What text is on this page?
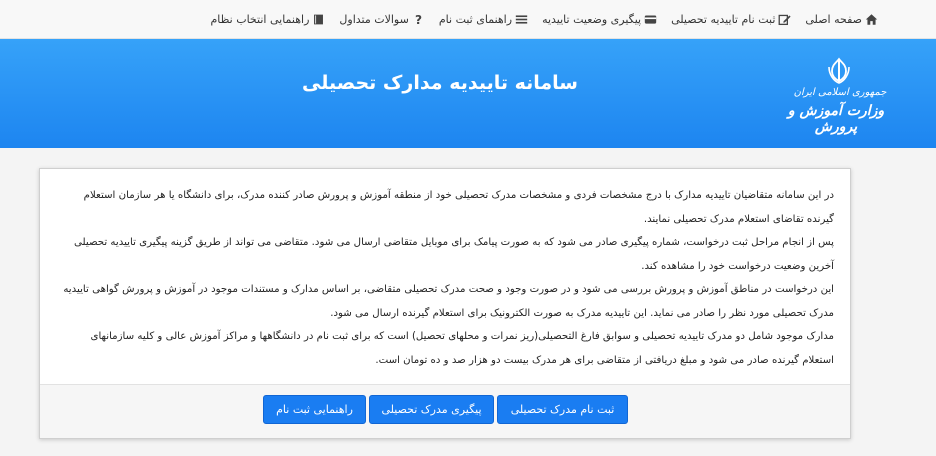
صفحه اصلی
ثبت نام تاییدیه تحصیلی
پیگیری وضعیت تاییدیه
راهنمای ثبت نام
?
سوالات متداول
راهنمایی انتخاب نظام
سامانه تاییدیه مدارک تحصیلی	جمهوری اسلامی ایران
وزارت آموزش و پرورش

در این سامانه متقاضیان تاییدیه مدارک با درج مشخصات فردی و مشخصات مدرک تحصیلی خود از منطقه آموزش و پرورش صادر کننده مدرک، برای دانشگاه یا هر سازمان استعلام گیرنده تقاضای استعلام مدرک تحصیلی نمایند.

پس از انجام مراحل ثبت درخواست، شماره پیگیری صادر می شود که به صورت پیامک برای موبایل متقاضی ارسال می شود. متقاضی می تواند از طریق گزینه پیگیری تاییدیه تحصیلی آخرین وضعیت درخواست خود را مشاهده کند.

این درخواست در مناطق آموزش و پرورش بررسی می شود و در صورت وجود و صحت مدرک تحصیلی متقاضی، بر اساس مدارک و مستندات موجود در آموزش و پرورش گواهی تاییدیه مدرک تحصیلی مورد نظر را صادر می نماید. این تاییدیه مدرک به صورت الکترونیک برای استعلام گیرنده ارسال می شود.

مدارک موجود شامل دو مدرک تاییدیه تحصیلی و سوابق فارغ التحصیلی(ریز نمرات و محلهای تحصیل) است که برای ثبت نام در دانشگاهها و مراکز آموزش عالی و کلیه سازمانهای استعلام گیرنده صادر می شود و مبلغ دریافتی از متقاضی برای هر مدرک بیست دو هزار صد و ده تومان است.

ثبت نام مدرک تحصیلی
پیگیری مدرک تحصیلی
راهنمایی ثبت نام
